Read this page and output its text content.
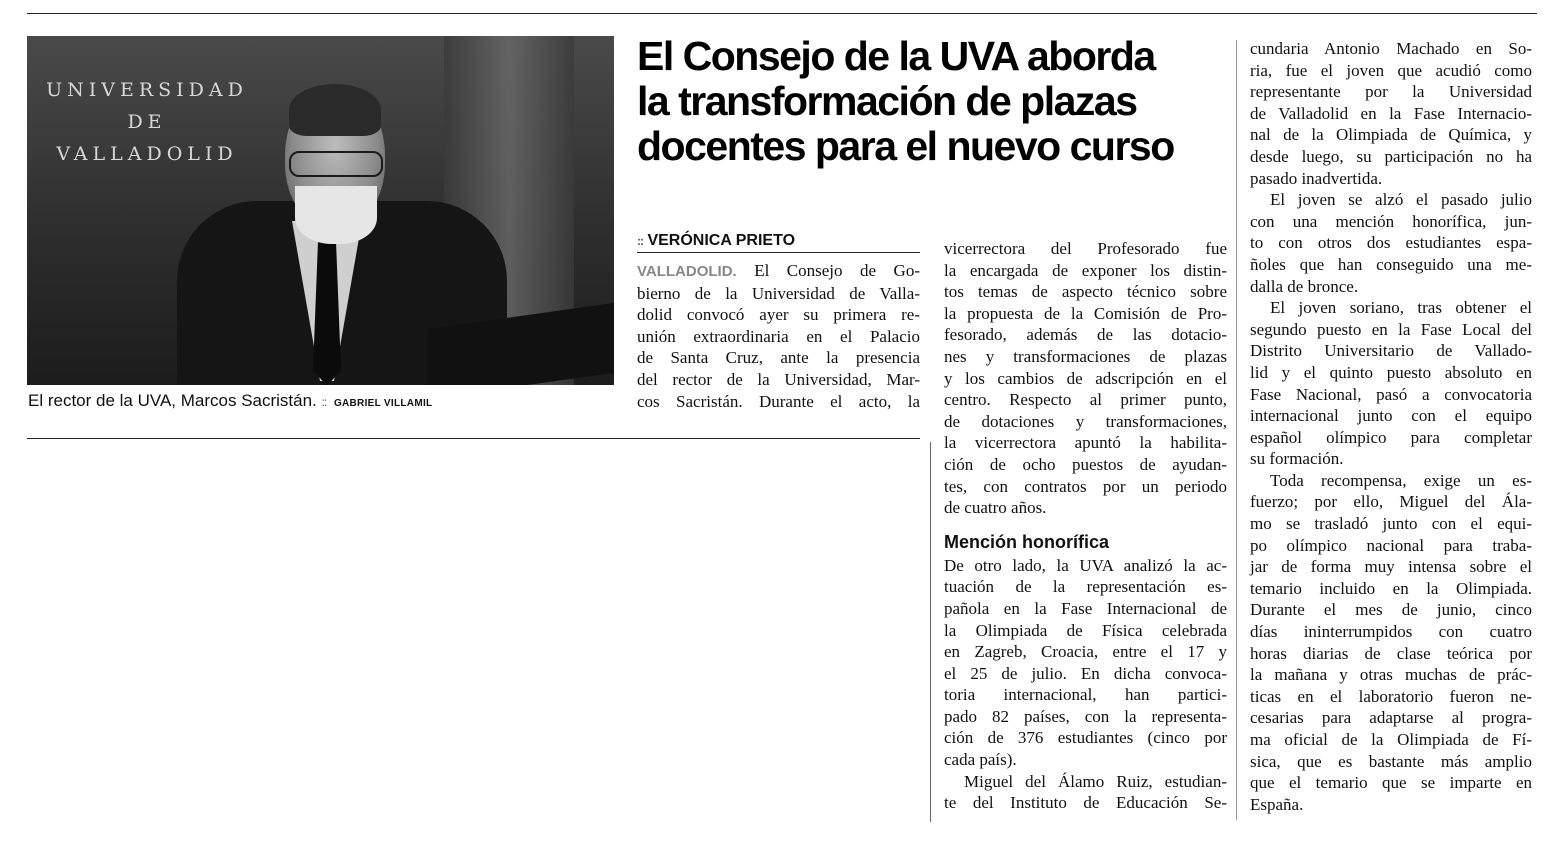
UNIVERSIDAD
DE
VALLADOLID
El rector de la UVA, Marcos Sacristán. :: GABRIEL VILLAMIL
El Consejo de la UVA aborda
la transformación de plazas
docentes para el nuevo curso
:: VERÓNICA PRIETO
VALLADOLID. El Consejo de Go-
bierno de la Universidad de Valla-
dolid convocó ayer su primera re-
unión extraordinaria en el Palacio
de Santa Cruz, ante la presencia
del rector de la Universidad, Mar-
cos Sacristán. Durante el acto, la
vicerrectora del Profesorado fue
la encargada de exponer los distin-
tos temas de aspecto técnico sobre
la propuesta de la Comisión de Pro-
fesorado, además de las dotacio-
nes y transformaciones de plazas
y los cambios de adscripción en el
centro. Respecto al primer punto,
de dotaciones y transformaciones,
la vicerrectora apuntó la habilita-
ción de ocho puestos de ayudan-
tes, con contratos por un periodo
de cuatro años.
Mención honorífica
De otro lado, la UVA analizó la ac-
tuación de la representación es-
pañola en la Fase Internacional de
la Olimpiada de Física celebrada
en Zagreb, Croacia, entre el 17 y
el 25 de julio. En dicha convoca-
toria internacional, han partici-
pado 82 países, con la representa-
ción de 376 estudiantes (cinco por
cada país).
Miguel del Álamo Ruiz, estudian-
te del Instituto de Educación Se-
cundaria Antonio Machado en So-
ria, fue el joven que acudió como
representante por la Universidad
de Valladolid en la Fase Internacio-
nal de la Olimpiada de Química, y
desde luego, su participación no ha
pasado inadvertida.
El joven se alzó el pasado julio
con una mención honorífica, jun-
to con otros dos estudiantes espa-
ñoles que han conseguido una me-
dalla de bronce.
El joven soriano, tras obtener el
segundo puesto en la Fase Local del
Distrito Universitario de Vallado-
lid y el quinto puesto absoluto en
Fase Nacional, pasó a convocatoria
internacional junto con el equipo
español olímpico para completar
su formación.
Toda recompensa, exige un es-
fuerzo; por ello, Miguel del Ála-
mo se trasladó junto con el equi-
po olímpico nacional para traba-
jar de forma muy intensa sobre el
temario incluido en la Olimpiada.
Durante el mes de junio, cinco
días ininterrumpidos con cuatro
horas diarias de clase teórica por
la mañana y otras muchas de prác-
ticas en el laboratorio fueron ne-
cesarias para adaptarse al progra-
ma oficial de la Olimpiada de Fí-
sica, que es bastante más amplio
que el temario que se imparte en
España.
